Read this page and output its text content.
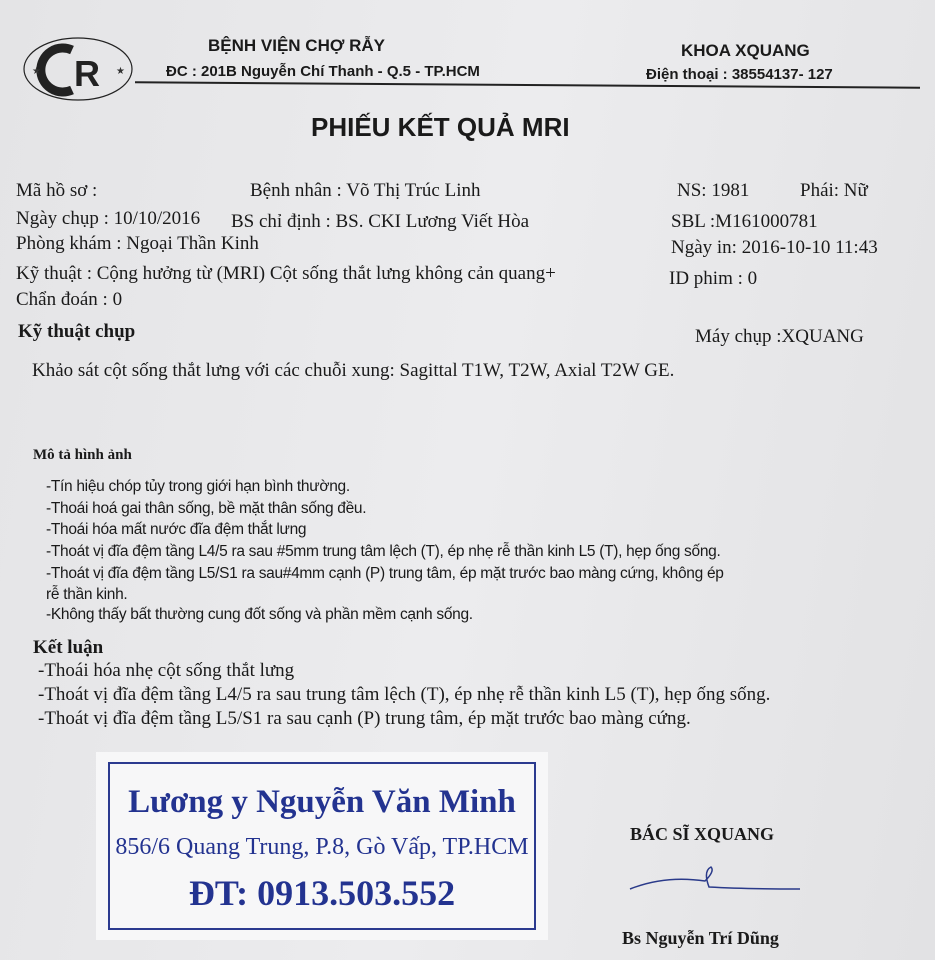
R
★	★
BỆNH VIỆN CHỢ RẪY
ĐC : 201B Nguyễn Chí Thanh - Q.5 - TP.HCM
KHOA XQUANG
Điện thoại : 38554137- 127
PHIẾU KẾT QUẢ MRI
Mã hồ sơ :	Bệnh nhân : Võ Thị Trúc Linh	NS: 1981	Phái: Nữ
Ngày chụp : 10/10/2016 BS chỉ định : BS. CKI Lương Viết Hòa	SBL :M161000781
Phòng khám : Ngoại Thần Kinh	Ngày in: 2016-10-10 11:43
Kỹ thuật : Cộng hưởng từ (MRI) Cột sống thắt lưng không cản quang+	ID phim : 0
Chẩn đoán : 0
Kỹ thuật chụp	Máy chụp :XQUANG
Khảo sát cột sống thắt lưng với các chuỗi xung: Sagittal T1W, T2W, Axial T2W GE.
Mô tả hình ảnh
-Tín hiệu chóp tủy trong giới hạn bình thường.
-Thoái hoá gai thân sống, bề mặt thân sống đều.
-Thoái hóa mất nước đĩa đệm thắt lưng
-Thoát vị đĩa đệm tầng L4/5 ra sau #5mm trung tâm lệch (T), ép nhẹ rễ thần kinh L5 (T), hẹp ống sống.
-Thoát vị đĩa đệm tầng L5/S1 ra sau#4mm cạnh (P) trung tâm, ép mặt trước bao màng cứng, không ép
rễ thần kinh.
-Không thấy bất thường cung đốt sống và phần mềm cạnh sống.
Kết luận
-Thoái hóa nhẹ cột sống thắt lưng
-Thoát vị đĩa đệm tầng L4/5 ra sau trung tâm lệch (T), ép nhẹ rễ thần kinh L5 (T), hẹp ống sống.
-Thoát vị đĩa đệm tầng L5/S1 ra sau cạnh (P) trung tâm, ép mặt trước bao màng cứng.
Lương y Nguyễn Văn Minh
856/6 Quang Trung, P.8, Gò Vấp, TP.HCM
ĐT: 0913.503.552
BÁC SĨ XQUANG
Bs Nguyễn Trí Dũng
